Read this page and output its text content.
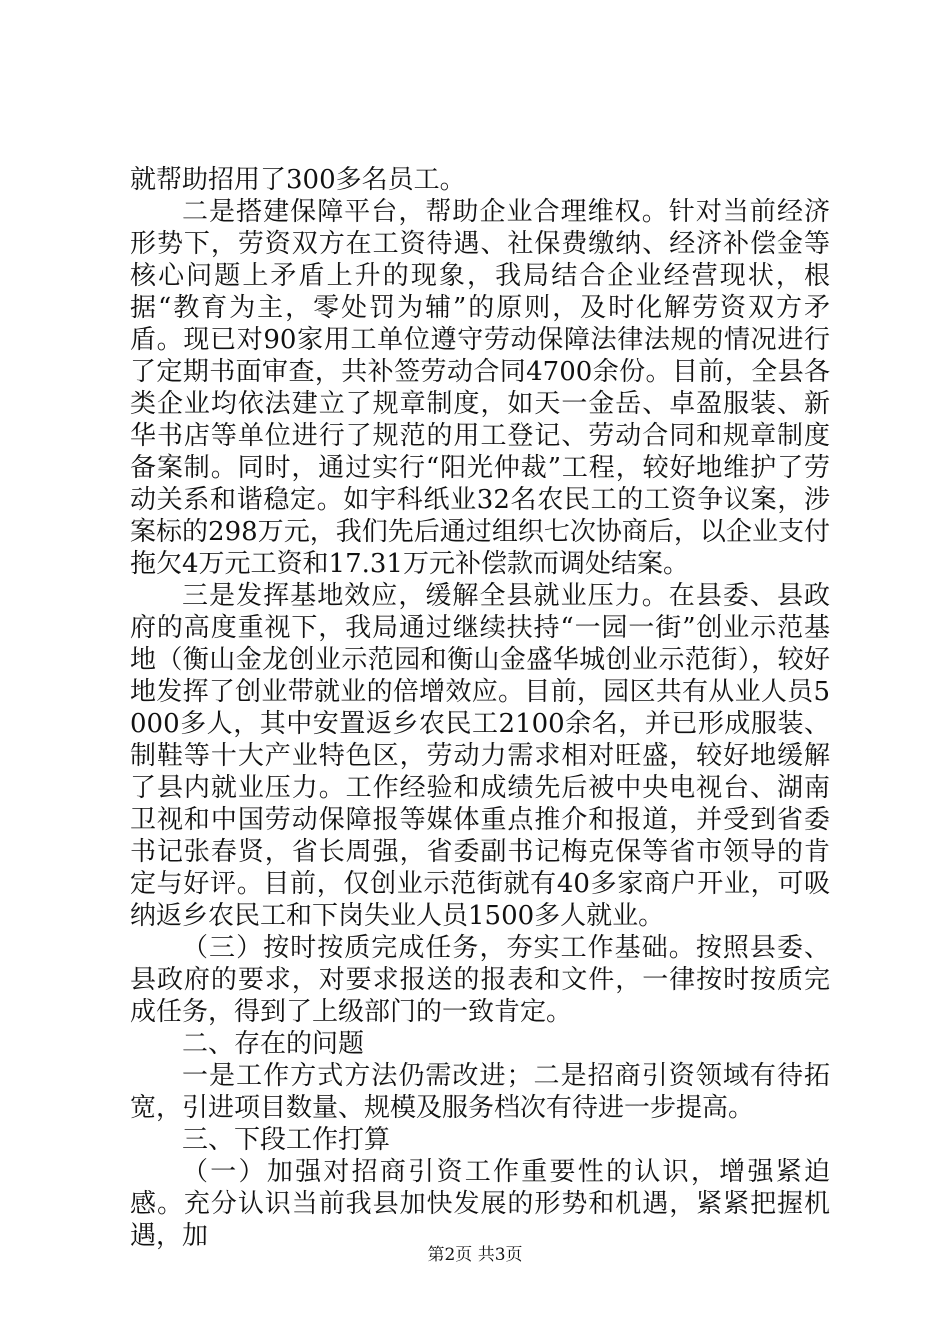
就帮助招用了300多名员工。

二是搭建保障平台，帮助企业合理维权。针对当前经济形势下，劳资双方在工资待遇、社保费缴纳、经济补偿金等核心问题上矛盾上升的现象，我局结合企业经营现状，根据“教育为主，零处罚为辅”的原则，及时化解劳资双方矛盾。现已对90家用工单位遵守劳动保障法律法规的情况进行了定期书面审查，共补签劳动合同4700余份。目前，全县各类企业均依法建立了规章制度，如天一金岳、卓盈服装、新华书店等单位进行了规范的用工登记、劳动合同和规章制度备案制。同时，通过实行“阳光仲裁”工程，较好地维护了劳动关系和谐稳定。如宇科纸业32名农民工的工资争议案，涉案标的298万元，我们先后通过组织七次协商后，以企业支付拖欠4万元工资和17.31万元补偿款而调处结案。

三是发挥基地效应，缓解全县就业压力。在县委、县政府的高度重视下，我局通过继续扶持“一园一街”创业示范基地（衡山金龙创业示范园和衡山金盛华城创业示范街），较好地发挥了创业带就业的倍增效应。目前，园区共有从业人员5000多人，其中安置返乡农民工2100余名，并已形成服装、制鞋等十大产业特色区，劳动力需求相对旺盛，较好地缓解了县内就业压力。工作经验和成绩先后被中央电视台、湖南卫视和中国劳动保障报等媒体重点推介和报道，并受到省委书记张春贤，省长周强，省委副书记梅克保等省市领导的肯定与好评。目前，仅创业示范街就有40多家商户开业，可吸纳返乡农民工和下岗失业人员1500多人就业。

（三）按时按质完成任务，夯实工作基础。按照县委、县政府的要求，对要求报送的报表和文件，一律按时按质完成任务，得到了上级部门的一致肯定。

二、存在的问题

一是工作方式方法仍需改进；二是招商引资领域有待拓宽，引进项目数量、规模及服务档次有待进一步提高。

三、下段工作打算

（一）加强对招商引资工作重要性的认识，增强紧迫感。充分认识当前我县加快发展的形势和机遇，紧紧把握机遇，加

第2页 共3页
